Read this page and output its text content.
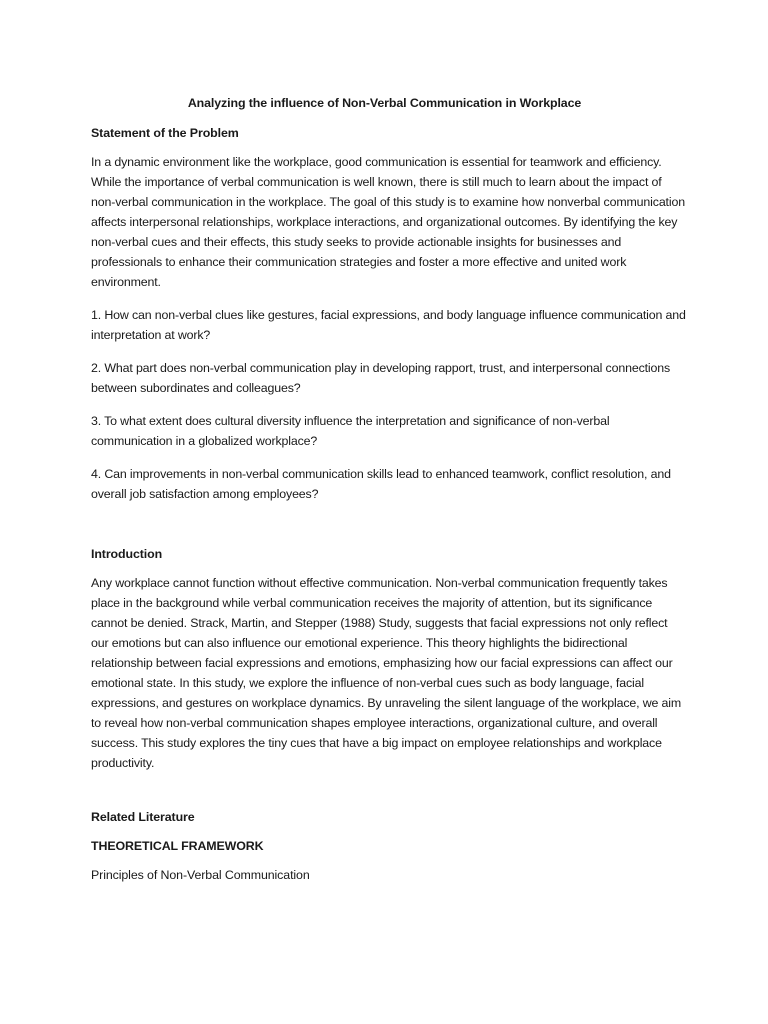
Analyzing the influence of Non-Verbal Communication in Workplace
Statement of the Problem
In a dynamic environment like the workplace, good communication is essential for teamwork and efficiency. While the importance of verbal communication is well known, there is still much to learn about the impact of non-verbal communication in the workplace. The goal of this study is to examine how nonverbal communication affects interpersonal relationships, workplace interactions, and organizational outcomes. By identifying the key non-verbal cues and their effects, this study seeks to provide actionable insights for businesses and professionals to enhance their communication strategies and foster a more effective and united work environment.
1. How can non-verbal clues like gestures, facial expressions, and body language influence communication and interpretation at work?
2. What part does non-verbal communication play in developing rapport, trust, and interpersonal connections between subordinates and colleagues?
3. To what extent does cultural diversity influence the interpretation and significance of non-verbal communication in a globalized workplace?
4. Can improvements in non-verbal communication skills lead to enhanced teamwork, conflict resolution, and overall job satisfaction among employees?
Introduction
Any workplace cannot function without effective communication. Non-verbal communication frequently takes place in the background while verbal communication receives the majority of attention, but its significance cannot be denied. Strack, Martin, and Stepper (1988) Study, suggests that facial expressions not only reflect our emotions but can also influence our emotional experience. This theory highlights the bidirectional relationship between facial expressions and emotions, emphasizing how our facial expressions can affect our emotional state. In this study, we explore the influence of non-verbal cues such as body language, facial expressions, and gestures on workplace dynamics. By unraveling the silent language of the workplace, we aim to reveal how non-verbal communication shapes employee interactions, organizational culture, and overall success. This study explores the tiny cues that have a big impact on employee relationships and workplace productivity.
Related Literature
THEORETICAL FRAMEWORK
Principles of Non-Verbal Communication
